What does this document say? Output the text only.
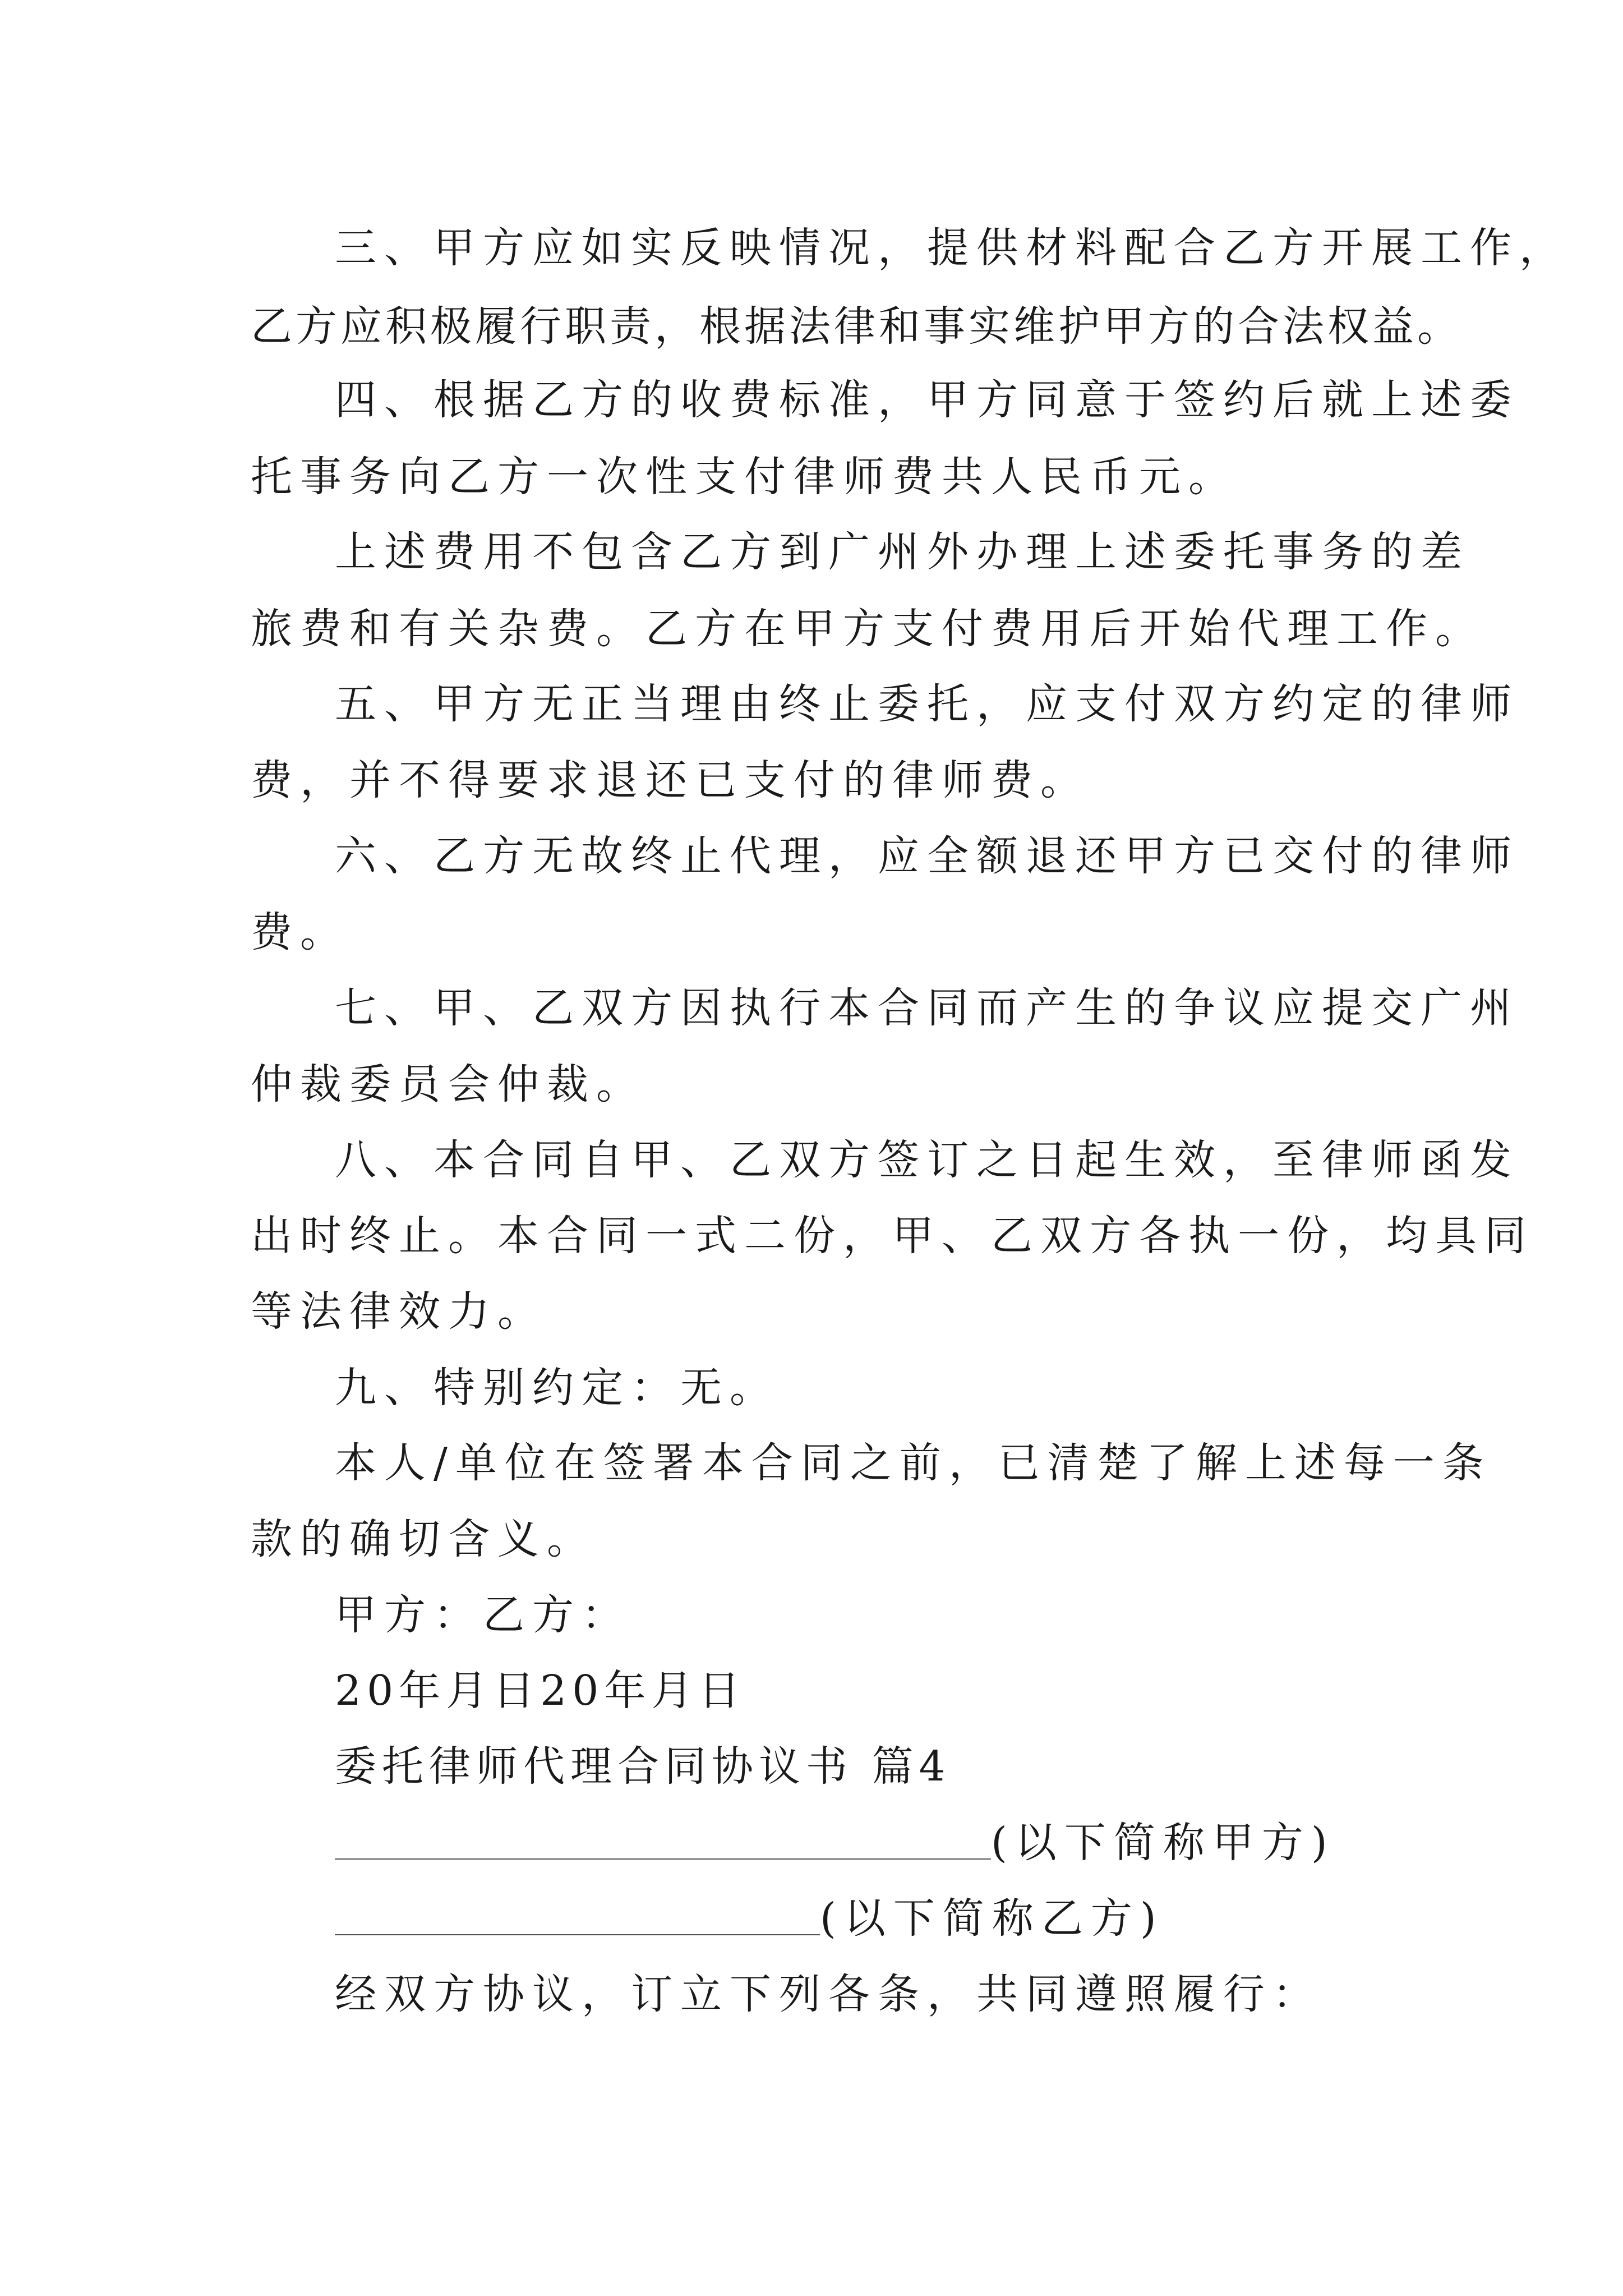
三、甲方应如实反映情况，提供材料配合乙方开展工作，
乙方应积极履行职责，根据法律和事实维护甲方的合法权益。
四、根据乙方的收费标准，甲方同意于签约后就上述委
托事务向乙方一次性支付律师费共人民币元。
上述费用不包含乙方到广州外办理上述委托事务的差
旅费和有关杂费。乙方在甲方支付费用后开始代理工作。
五、甲方无正当理由终止委托，应支付双方约定的律师
费，并不得要求退还已支付的律师费。
六、乙方无故终止代理，应全额退还甲方已交付的律师
费。
七、甲、乙双方因执行本合同而产生的争议应提交广州
仲裁委员会仲裁。
八、本合同自甲、乙双方签订之日起生效，至律师函发
出时终止。本合同一式二份，甲、乙双方各执一份，均具同
等法律效力。
九、特别约定：无。
本人/单位在签署本合同之前，已清楚了解上述每一条
款的确切含义。
甲方：乙方：
20年月日20年月日
委托律师代理合同协议书 篇4
(以下简称甲方)
(以下简称乙方)
经双方协议，订立下列各条，共同遵照履行：
